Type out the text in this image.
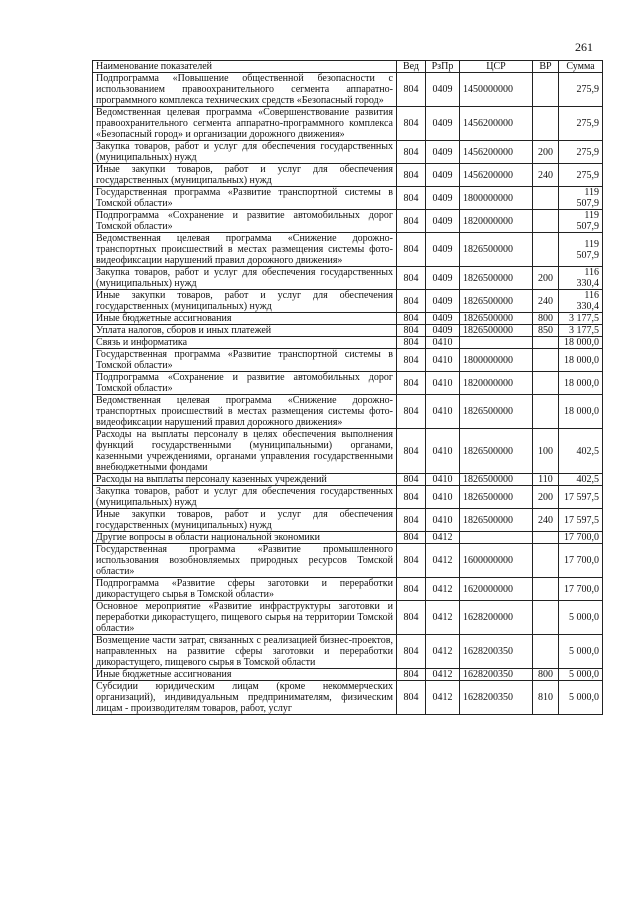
261
Наименование показателей	Вед	РзПр	ЦСР	ВР	Сумма
Подпрограмма «Повышение общественной безопасности с использованием правоохранительного сегмента аппаратно-программного комплекса технических средств «Безопасный город»	804	0409	1450000000		275,9
Ведомственная целевая программа «Совершенствование развития правоохранительного сегмента аппаратно-программного комплекса «Безопасный город» и организации дорожного движения»	804	0409	1456200000		275,9
Закупка товаров, работ и услуг для обеспечения государственных (муниципальных) нужд	804	0409	1456200000	200	275,9
Иные закупки товаров, работ и услуг для обеспечения государственных (муниципальных) нужд	804	0409	1456200000	240	275,9
Государственная программа «Развитие транспортной системы в Томской области»	804	0409	1800000000		119 507,9
Подпрограмма «Сохранение и развитие автомобильных дорог Томской области»	804	0409	1820000000		119 507,9
Ведомственная целевая программа «Снижение дорожно-транспортных происшествий в местах размещения системы фото-видеофиксации нарушений правил дорожного движения»	804	0409	1826500000		119 507,9
Закупка товаров, работ и услуг для обеспечения государственных (муниципальных) нужд	804	0409	1826500000	200	116 330,4
Иные закупки товаров, работ и услуг для обеспечения государственных (муниципальных) нужд	804	0409	1826500000	240	116 330,4
Иные бюджетные ассигнования	804	0409	1826500000	800	3 177,5
Уплата налогов, сборов и иных платежей	804	0409	1826500000	850	3 177,5
Связь и информатика	804	0410			18 000,0
Государственная программа «Развитие транспортной системы в Томской области»	804	0410	1800000000		18 000,0
Подпрограмма «Сохранение и развитие автомобильных дорог Томской области»	804	0410	1820000000		18 000,0
Ведомственная целевая программа «Снижение дорожно-транспортных происшествий в местах размещения системы фото-видеофиксации нарушений правил дорожного движения»	804	0410	1826500000		18 000,0
Расходы на выплаты персоналу в целях обеспечения выполнения функций государственными (муниципальными) органами, казенными учреждениями, органами управления государственными внебюджетными фондами	804	0410	1826500000	100	402,5
Расходы на выплаты персоналу казенных учреждений	804	0410	1826500000	110	402,5
Закупка товаров, работ и услуг для обеспечения государственных (муниципальных) нужд	804	0410	1826500000	200	17 597,5
Иные закупки товаров, работ и услуг для обеспечения государственных (муниципальных) нужд	804	0410	1826500000	240	17 597,5
Другие вопросы в области национальной экономики	804	0412			17 700,0
Государственная программа «Развитие промышленного использования возобновляемых природных ресурсов Томской области»	804	0412	1600000000		17 700,0
Подпрограмма «Развитие сферы заготовки и переработки дикорастущего сырья в Томской области»	804	0412	1620000000		17 700,0
Основное мероприятие «Развитие инфраструктуры заготовки и переработки дикорастущего, пищевого сырья на территории Томской области»	804	0412	1628200000		5 000,0
Возмещение части затрат, связанных с реализацией бизнес-проектов, направленных на развитие сферы заготовки и переработки дикорастущего, пищевого сырья в Томской области	804	0412	1628200350		5 000,0
Иные бюджетные ассигнования	804	0412	1628200350	800	5 000,0
Субсидии юридическим лицам (кроме некоммерческих организаций), индивидуальным предпринимателям, физическим лицам - производителям товаров, работ, услуг	804	0412	1628200350	810	5 000,0
